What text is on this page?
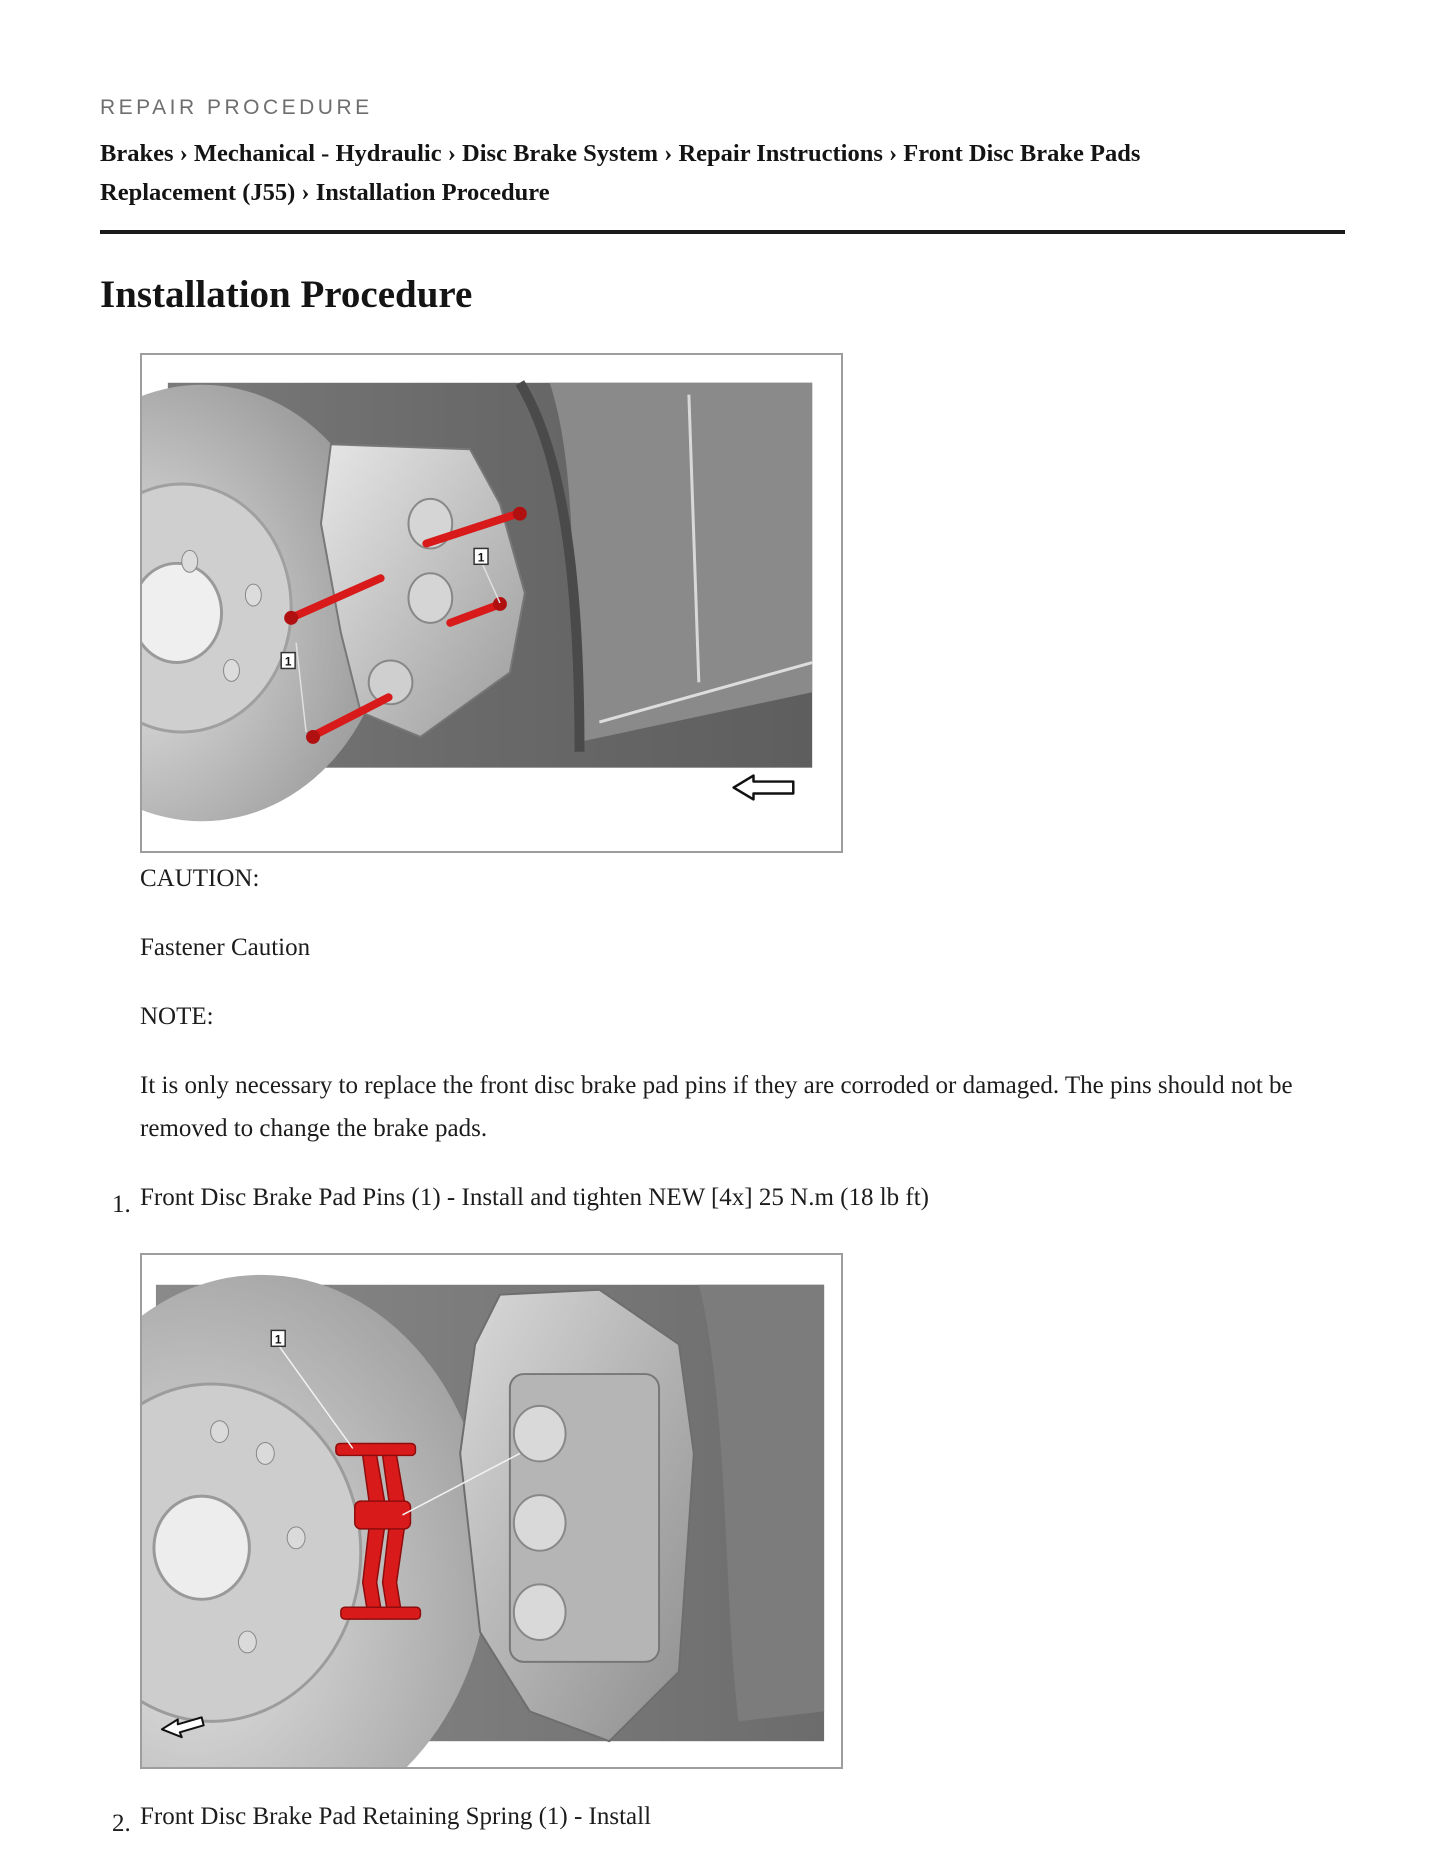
REPAIR PROCEDURE

Brakes › Mechanical - Hydraulic › Disc Brake System › Repair Instructions › Front Disc Brake Pads Replacement (J55) › Installation Procedure
Installation Procedure
1.
1
1

CAUTION:

Fastener Caution

NOTE:

It is only necessary to replace the front disc brake pad pins if they are corroded or damaged. The pins should not be removed to change the brake pads.

Front Disc Brake Pad Pins (1) - Install and tighten NEW [4x] 25 N.m (18 lb ft)

2.
1

Front Disc Brake Pad Retaining Spring (1) - Install
